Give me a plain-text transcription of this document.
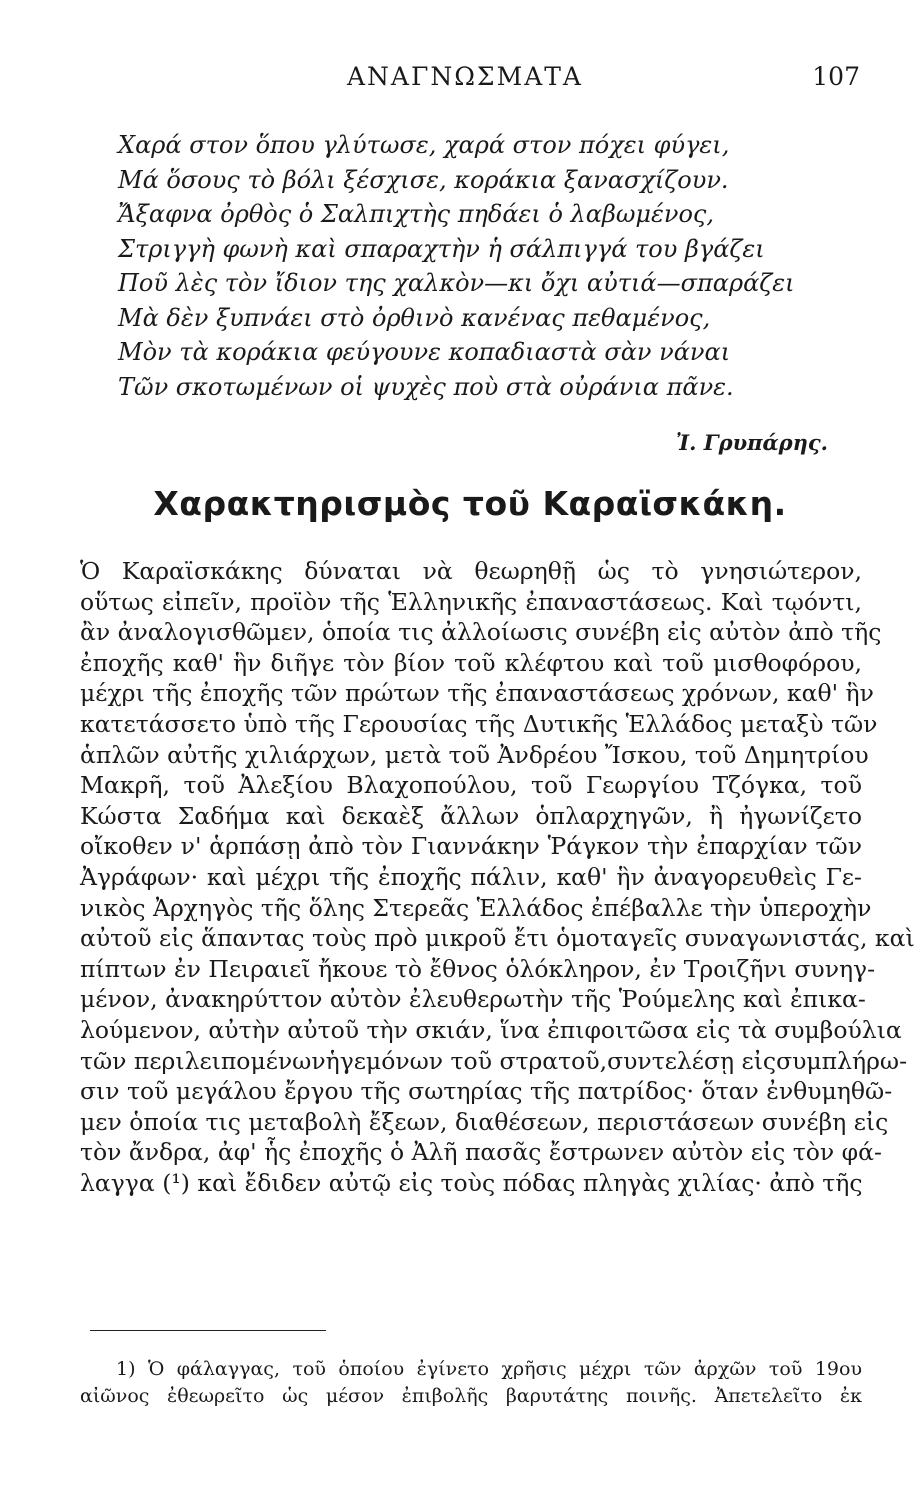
ΑΝΑΓΝΩΣΜΑΤΑ	107
Χαρά στον ὅπου γλύτωσε, χαρά στον πόχει φύγει,
Μά ὅσους τὸ βόλι ξέσχισε, κοράκια ξανασχίζουν.
Ἄξαφνα ὀρθὸς ὁ Σαλπιχτὴς πηδάει ὁ λαβωμένος,
Στριγγὴ φωνὴ καὶ σπαραχτὴν ἡ σάλπιγγά του βγάζει
Ποῦ λὲς τὸν ἴδιον της χαλκὸν—κι ὄχι αὐτιά—σπαράζει
Μὰ δὲν ξυπνάει στὸ ὀρθινὸ κανένας πεθαμένος,
Μὸν τὰ κοράκια φεύγουνε κοπαδιαστὰ σὰν νάναι
Τῶν σκοτωμένων οἱ ψυχὲς ποὺ στὰ οὐράνια πᾶνε.
Ἰ. Γρυπάρης.
Χαρακτηρισμὸς τοῦ Καραϊσκάκη.
Ὁ Καραϊσκάκης δύναται νὰ θεωρηθῇ ὡς τὸ γνησιώτερον,
οὕτως εἰπεῖν, προϊὸν τῆς Ἑλληνικῆς ἐπαναστάσεως. Καὶ τῳόντι,
ἂν ἀναλογισθῶμεν, ὁποία τις ἀλλοίωσις συνέβη εἰς αὐτὸν ἀπὸ τῆς
ἐποχῆς καθ' ἣν διῆγε τὸν βίον τοῦ κλέφτου καὶ τοῦ μισθοφόρου,
μέχρι τῆς ἐποχῆς τῶν πρώτων τῆς ἐπαναστάσεως χρόνων, καθ' ἣν
κατετάσσετο ὑπὸ τῆς Γερουσίας τῆς Δυτικῆς Ἑλλάδος μεταξὺ τῶν
ἁπλῶν αὐτῆς χιλιάρχων, μετὰ τοῦ Ἀνδρέου Ἴσκου, τοῦ Δημητρίου
Μακρῆ, τοῦ Ἀλεξίου Βλαχοπούλου, τοῦ Γεωργίου Τζόγκα, τοῦ
Κώστα Σαδήμα καὶ δεκαὲξ ἄλλων ὁπλαρχηγῶν, ἢ ἠγωνίζετο
οἴκοθεν ν' ἁρπάσῃ ἀπὸ τὸν Γιαννάκην Ῥάγκον τὴν ἐπαρχίαν τῶν
Ἀγράφων· καὶ μέχρι τῆς ἐποχῆς πάλιν, καθ' ἣν ἀναγορευθεὶς Γε-
νικὸς Ἀρχηγὸς τῆς ὅλης Στερεᾶς Ἑλλάδος ἐπέβαλλε τὴν ὑπεροχὴν
αὐτοῦ εἰς ἅπαντας τοὺς πρὸ μικροῦ ἔτι ὁμοταγεῖς συναγωνιστάς, καὶ
πίπτων ἐν Πειραιεῖ ἤκουε τὸ ἔθνος ὁλόκληρον, ἐν Τροιζῆνι συνηγ-
μένον, ἀνακηρύττον αὐτὸν ἐλευθερωτὴν τῆς Ῥούμελης καὶ ἐπικα-
λούμενον, αὐτὴν αὐτοῦ τὴν σκιάν, ἵνα ἐπιφοιτῶσα εἰς τὰ συμβούλια
τῶν περιλειπομένωνἡγεμόνων τοῦ στρατοῦ,συντελέσῃ εἰςσυμπλήρω-
σιν τοῦ μεγάλου ἔργου τῆς σωτηρίας τῆς πατρίδος· ὅταν ἐνθυμηθῶ-
μεν ὁποία τις μεταβολὴ ἔξεων, διαθέσεων, περιστάσεων συνέβη εἰς
τὸν ἄνδρα, ἀφ' ἧς ἐποχῆς ὁ Ἀλῆ πασᾶς ἔστρωνεν αὐτὸν εἰς τὸν φά-
λαγγα (¹) καὶ ἔδιδεν αὐτῷ εἰς τοὺς πόδας πληγὰς χιλίας· ἀπὸ τῆς
1) Ὁ φάλαγγας, τοῦ ὁποίου ἐγίνετο χρῆσις μέχρι τῶν ἀρχῶν τοῦ 19ου
αἰῶνος ἐθεωρεῖτο ὡς μέσον ἐπιβολῆς βαρυτάτης ποινῆς. Ἀπετελεῖτο ἐκ
